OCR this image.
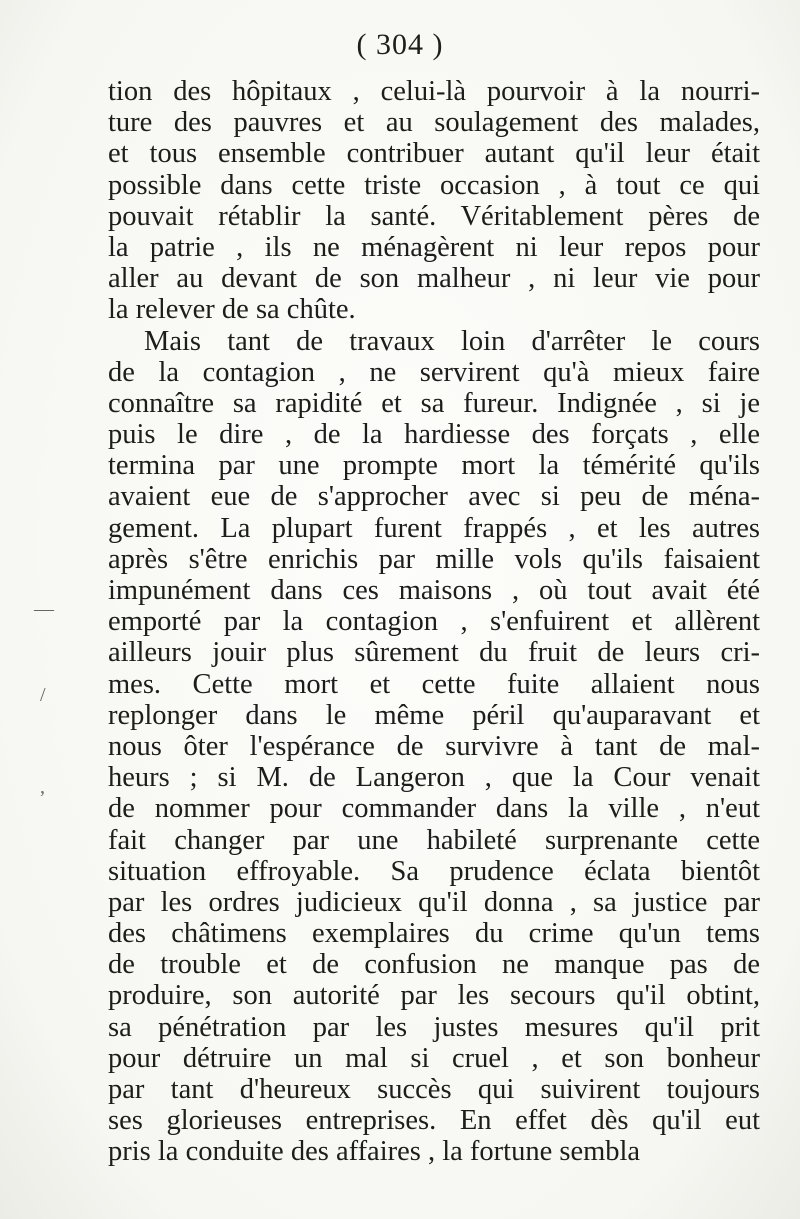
( 304 )
—
/
,
tion des hôpitaux , celui-là pourvoir à la nourri-
ture des pauvres et au soulagement des malades,
et tous ensemble contribuer autant qu'il leur était
possible dans cette triste occasion , à tout ce qui
pouvait rétablir la santé. Véritablement pères de
la patrie , ils ne ménagèrent ni leur repos pour
aller au devant de son malheur , ni leur vie pour
la relever de sa chûte.
Mais tant de travaux loin d'arrêter le cours
de la contagion , ne servirent qu'à mieux faire
connaître sa rapidité et sa fureur. Indignée , si je
puis le dire , de la hardiesse des forçats , elle
termina par une prompte mort la témérité qu'ils
avaient eue de s'approcher avec si peu de ména-
gement. La plupart furent frappés , et les autres
après s'être enrichis par mille vols qu'ils faisaient
impunément dans ces maisons , où tout avait été
emporté par la contagion , s'enfuirent et allèrent
ailleurs jouir plus sûrement du fruit de leurs cri-
mes. Cette mort et cette fuite allaient nous
replonger dans le même péril qu'auparavant et
nous ôter l'espérance de survivre à tant de mal-
heurs ; si M. de Langeron , que la Cour venait
de nommer pour commander dans la ville , n'eut
fait changer par une habileté surprenante cette
situation effroyable. Sa prudence éclata bientôt
par les ordres judicieux qu'il donna , sa justice par
des châtimens exemplaires du crime qu'un tems
de trouble et de confusion ne manque pas de
produire, son autorité par les secours qu'il obtint,
sa pénétration par les justes mesures qu'il prit
pour détruire un mal si cruel , et son bonheur
par tant d'heureux succès qui suivirent toujours
ses glorieuses entreprises. En effet dès qu'il eut
pris la conduite des affaires , la fortune sembla
